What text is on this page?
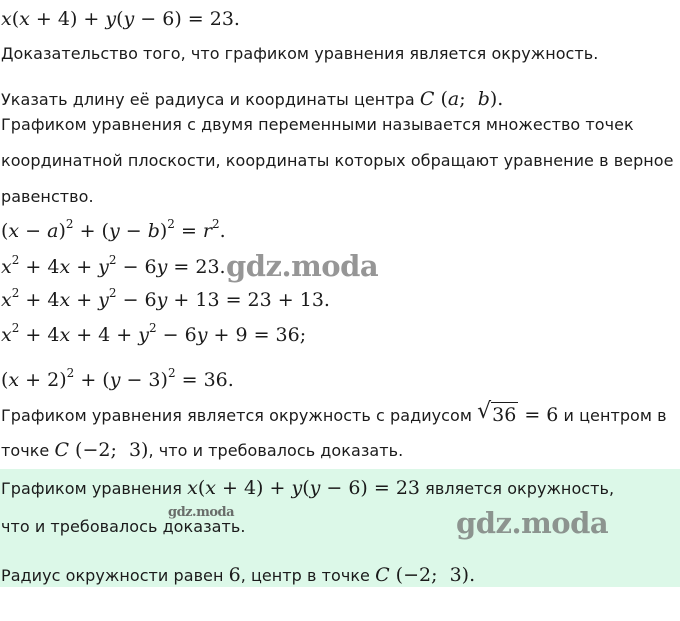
x(x + 4) + y(y − 6) = 23.
Доказательство того, что графиком уравнения является окружность.
Указать длину её радиуса и координаты центра C (a;  b).
Графиком уравнения с двумя переменными называется множество точек
координатной плоскости, координаты которых обращают уравнение в верное
равенство.
$(x - a)^2 + (y - b)^2 = r^2$.
$x^2 + 4x + y^2 - 6y = 23$.
$x^2 + 4x + y^2 - 6y + 13 = 23 + 13$.
$x^2 + 4x + 4 + y^2 - 6y + 9 = 36$;
$(x + 2)^2 + (y - 3)^2 = 36$.
Графиком уравнения является окружность с радиусом √ 36 = 6 и центром в
точке C (−2;  3), что и требовалось доказать.
Графиком уравнения x(x + 4) + y(y − 6) = 23 является окружность,
что и требовалось доказать.
Радиус окружности равен 6, центр в точке C (−2;  3).
gdz.moda
gdz.moda	gdz.moda
